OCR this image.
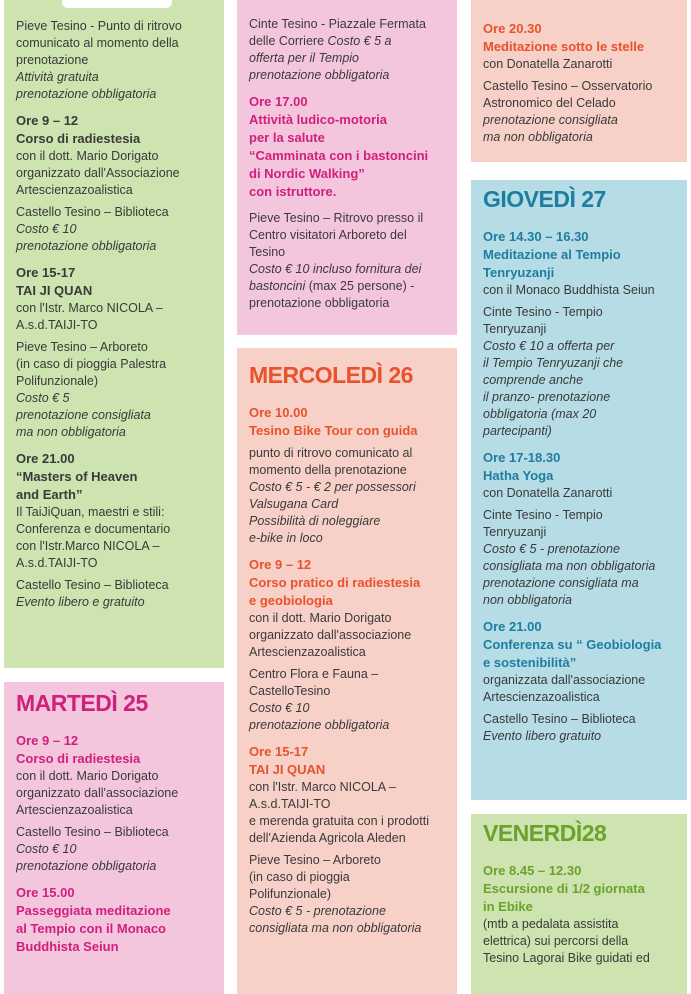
Pieve Tesino - Punto di ritrovo
comunicato al momento della
prenotazione
Attività gratuita
prenotazione obbligatoria
Ore 9 – 12
Corso di radiestesia
con il dott. Mario Dorigato
organizzato dall'Associazione
Artescienzazoalistica
Castello Tesino – Biblioteca
Costo € 10
prenotazione obbligatoria
Ore 15-17
TAI JI QUAN
con l'Istr. Marco NICOLA –
A.s.d.TAIJI-TO
Pieve Tesino – Arboreto
(in caso di pioggia Palestra
Polifunzionale)
Costo € 5
prenotazione consigliata
ma non obbligatoria
Ore 21.00
“Masters of Heaven
and Earth”
Il TaiJiQuan, maestri e stili:
Conferenza e documentario
con l'Istr.Marco NICOLA –
A.s.d.TAIJI-TO
Castello Tesino – Biblioteca
Evento libero e gratuito
MARTEDÌ 25
Ore 9 – 12
Corso di radiestesia
con il dott. Mario Dorigato
organizzato dall'associazione
Artescienzazoalistica
Castello Tesino – Biblioteca
Costo € 10
prenotazione obbligatoria
Ore 15.00
Passeggiata meditazione
al Tempio con il Monaco
Buddhista Seiun
Cinte Tesino - Piazzale Fermata
delle Corriere Costo € 5 a
offerta per il Tempio
prenotazione obbligatoria
Ore 17.00
Attività ludico-motoria
per la salute
“Camminata con i bastoncini
di Nordic Walking”
con istruttore.
Pieve Tesino – Ritrovo presso il
Centro visitatori Arboreto del
Tesino
Costo € 10 incluso fornitura dei
bastoncini (max 25 persone) -
prenotazione obbligatoria
MERCOLEDÌ 26
Ore 10.00
Tesino Bike Tour con guida
punto di ritrovo comunicato al
momento della prenotazione
Costo € 5 - € 2 per possessori
Valsugana Card
Possibilità di noleggiare
e-bike in loco
Ore 9 – 12
Corso pratico di radiestesia
e geobiologia
con il dott. Mario Dorigato
organizzato dall'associazione
Artescienzazoalistica
Centro Flora e Fauna –
CastelloTesino
Costo € 10
prenotazione obbligatoria
Ore 15-17
TAI JI QUAN
con l'Istr. Marco NICOLA –
A.s.d.TAIJI-TO
e merenda gratuita con i prodotti
dell'Azienda Agricola Aleden
Pieve Tesino – Arboreto
(in caso di pioggia
Polifunzionale)
Costo € 5 - prenotazione
consigliata ma non obbligatoria
Ore 20.30
Meditazione sotto le stelle
con Donatella Zanarotti
Castello Tesino – Osservatorio
Astronomico del Celado
prenotazione consigliata
ma non obbligatoria
GIOVEDÌ 27
Ore 14.30 – 16.30
Meditazione al Tempio
Tenryuzanji
con il Monaco Buddhista Seiun
Cinte Tesino - Tempio
Tenryuzanji
Costo € 10 a offerta per
il Tempio Tenryuzanji che
comprende anche
il pranzo- prenotazione
obbligatoria (max 20
partecipanti)
Ore 17-18.30
Hatha Yoga
con Donatella Zanarotti
Cinte Tesino - Tempio
Tenryuzanji
Costo € 5 - prenotazione
consigliata ma non obbligatoria
prenotazione consigliata ma
non obbligatoria
Ore 21.00
Conferenza su “ Geobiologia
e sostenibilità”
organizzata dall'associazione
Artescienzazoalistica
Castello Tesino – Biblioteca
Evento libero gratuito
VENERDÌ28
Ore 8.45 – 12.30
Escursione di 1/2 giornata
in Ebike
(mtb a pedalata assistita
elettrica) sui percorsi della
Tesino Lagorai Bike guidati ed
